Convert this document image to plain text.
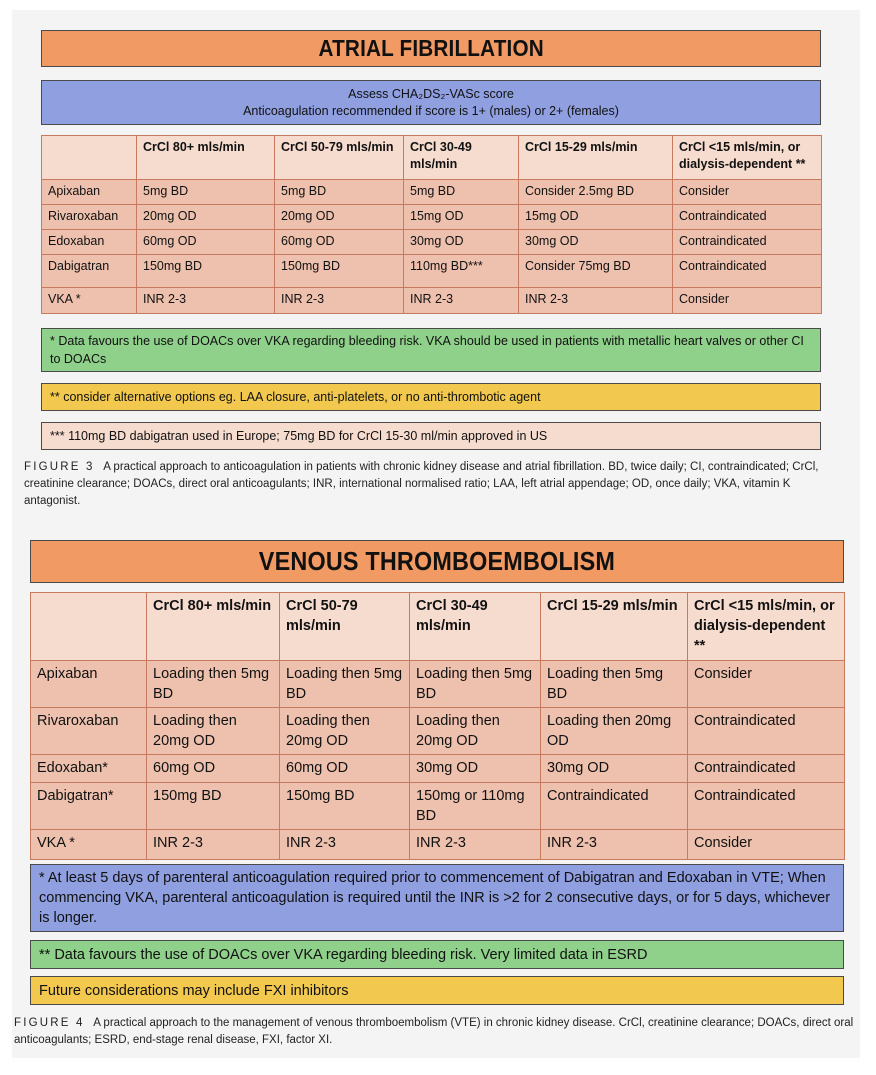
ATRIAL FIBRILLATION
Assess CHA₂DS₂-VASc score
Anticoagulation recommended if score is 1+ (males) or 2+ (females)
	CrCl 80+ mls/min	CrCl 50-79 mls/min	CrCl 30-49 mls/min	CrCl 15-29 mls/min	CrCl <15 mls/min, or dialysis-dependent **
Apixaban	5mg BD	5mg BD	5mg BD	Consider 2.5mg BD	Consider
Rivaroxaban	20mg OD	20mg OD	15mg OD	15mg OD	Contraindicated
Edoxaban	60mg OD	60mg OD	30mg OD	30mg OD	Contraindicated
Dabigatran	150mg BD	150mg BD	110mg BD***	Consider 75mg BD	Contraindicated
VKA *	INR 2-3	INR 2-3	INR 2-3	INR 2-3	Consider
* Data favours the use of DOACs over VKA regarding bleeding risk. VKA should be used in patients with metallic heart valves or other CI to DOACs
** consider alternative options eg. LAA closure, anti-platelets, or no anti-thrombotic agent
*** 110mg BD dabigatran used in Europe; 75mg BD for CrCl 15-30 ml/min approved in US
FIGURE 3 A practical approach to anticoagulation in patients with chronic kidney disease and atrial fibrillation. BD, twice daily; CI, contraindicated; CrCl, creatinine clearance; DOACs, direct oral anticoagulants; INR, international normalised ratio; LAA, left atrial appendage; OD, once daily; VKA, vitamin K antagonist.
VENOUS THROMBOEMBOLISM
	CrCl 80+ mls/min	CrCl 50-79 mls/min	CrCl 30-49 mls/min	CrCl 15-29 mls/min	CrCl <15 mls/min, or dialysis-dependent **
Apixaban	Loading then 5mg BD	Loading then 5mg BD	Loading then 5mg BD	Loading then 5mg BD	Consider
Rivaroxaban	Loading then 20mg OD	Loading then 20mg OD	Loading then 20mg OD	Loading then 20mg OD	Contraindicated
Edoxaban*	60mg OD	60mg OD	30mg OD	30mg OD	Contraindicated
Dabigatran*	150mg BD	150mg BD	150mg or 110mg BD	Contraindicated	Contraindicated
VKA *	INR 2-3	INR 2-3	INR 2-3	INR 2-3	Consider
* At least 5 days of parenteral anticoagulation required prior to commencement of Dabigatran and Edoxaban in VTE; When commencing VKA, parenteral anticoagulation is required until the INR is >2 for 2 consecutive days, or for 5 days, whichever is longer.
** Data favours the use of DOACs over VKA regarding bleeding risk. Very limited data in ESRD
Future considerations may include FXI inhibitors
FIGURE 4 A practical approach to the management of venous thromboembolism (VTE) in chronic kidney disease. CrCl, creatinine clearance; DOACs, direct oral anticoagulants; ESRD, end-stage renal disease, FXI, factor XI.
